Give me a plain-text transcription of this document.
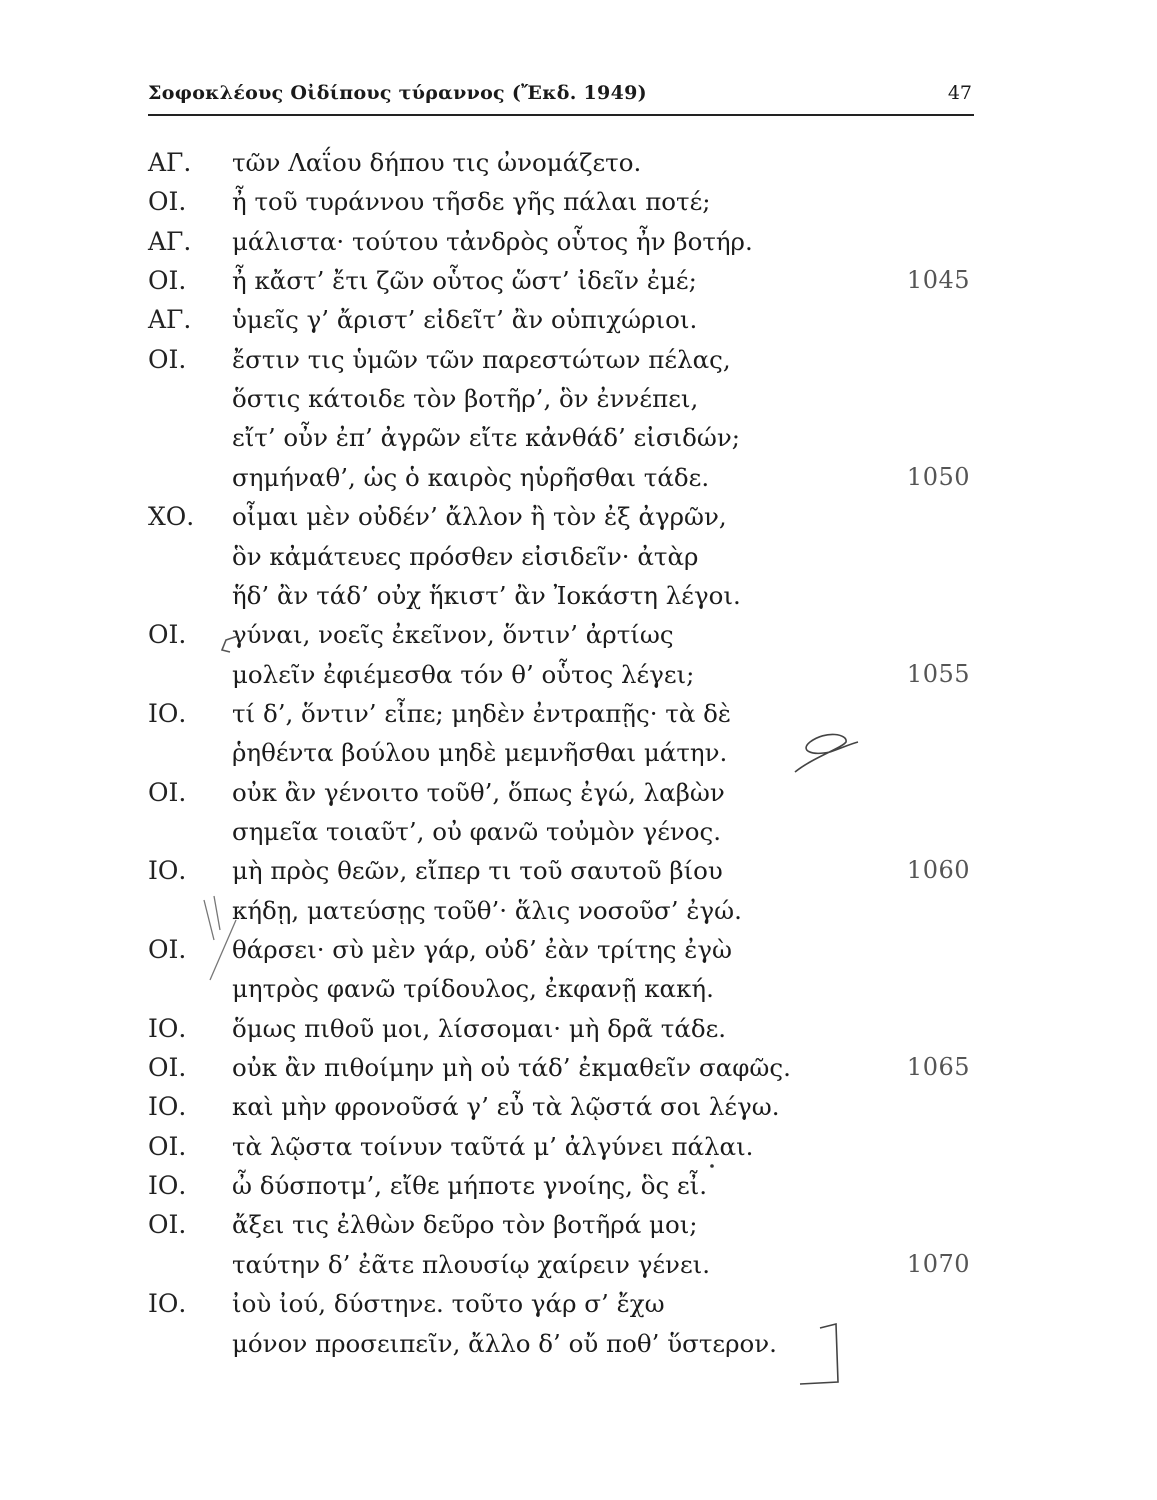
Σοφοκλέους Οἰδίπους τύραννος (Ἔκδ. 1949)	47
ΑΓ. τῶν Λαΐου δήπου τις ὠνομάζετο.
ΟΙ. ἦ τοῦ τυράννου τῆσδε γῆς πάλαι ποτέ;
ΑΓ. μάλιστα· τούτου τἀνδρὸς οὗτος ἦν βοτήρ.
ΟΙ. ἦ κἄστ’ ἔτι ζῶν οὗτος ὥστ’ ἰδεῖν ἐμέ;	1045
ΑΓ. ὑμεῖς γ’ ἄριστ’ εἰδεῖτ’ ἂν οὑπιχώριοι.
ΟΙ. ἔστιν τις ὑμῶν τῶν παρεστώτων πέλας,
ὅστις κάτοιδε τὸν βοτῆρ’, ὃν ἐννέπει,
εἴτ’ οὖν ἐπ’ ἀγρῶν εἴτε κἀνθάδ’ εἰσιδών;
σημήναθ’, ὡς ὁ καιρὸς ηὑρῆσθαι τάδε.	1050
ΧΟ. οἶμαι μὲν οὐδέν’ ἄλλον ἢ τὸν ἐξ ἀγρῶν,
ὃν κἀμάτευες πρόσθεν εἰσιδεῖν· ἀτὰρ
ἥδ’ ἂν τάδ’ οὐχ ἥκιστ’ ἂν Ἰοκάστη λέγοι.
ΟΙ. γύναι, νοεῖς ἐκεῖνον, ὅντιν’ ἀρτίως
μολεῖν ἐφιέμεσθα τόν θ’ οὗτος λέγει;	1055
ΙΟ. τί δ’, ὅντιν’ εἶπε; μηδὲν ἐντραπῇς· τὰ δὲ
ῥηθέντα βούλου μηδὲ μεμνῆσθαι μάτην.
ΟΙ. οὐκ ἂν γένοιτο τοῦθ’, ὅπως ἐγώ, λαβὼν
σημεῖα τοιαῦτ’, οὐ φανῶ τοὐμὸν γένος.
ΙΟ. μὴ πρὸς θεῶν, εἴπερ τι τοῦ σαυτοῦ βίου	1060
κήδῃ, ματεύσῃς τοῦθ’· ἅλις νοσοῦσ’ ἐγώ.
ΟΙ. θάρσει· σὺ μὲν γάρ, οὐδ’ ἐὰν τρίτης ἐγὼ
μητρὸς φανῶ τρίδουλος, ἐκφανῇ κακή.
ΙΟ. ὅμως πιθοῦ μοι, λίσσομαι· μὴ δρᾶ τάδε.
ΟΙ. οὐκ ἂν πιθοίμην μὴ οὐ τάδ’ ἐκμαθεῖν σαφῶς.	1065
ΙΟ. καὶ μὴν φρονοῦσά γ’ εὖ τὰ λῷστά σοι λέγω.
ΟΙ. τὰ λῷστα τοίνυν ταῦτά μ’ ἀλγύνει πάλαι.
ΙΟ. ὦ δύσποτμ’, εἴθε μήποτε γνοίης, ὃς εἶ.
ΟΙ. ἄξει τις ἐλθὼν δεῦρο τὸν βοτῆρά μοι;
ταύτην δ’ ἐᾶτε πλουσίῳ χαίρειν γένει.	1070
ΙΟ. ἰοὺ ἰού, δύστηνε. τοῦτο γάρ σ’ ἔχω
μόνον προσειπεῖν, ἄλλο δ’ οὔ ποθ’ ὕστερον.
